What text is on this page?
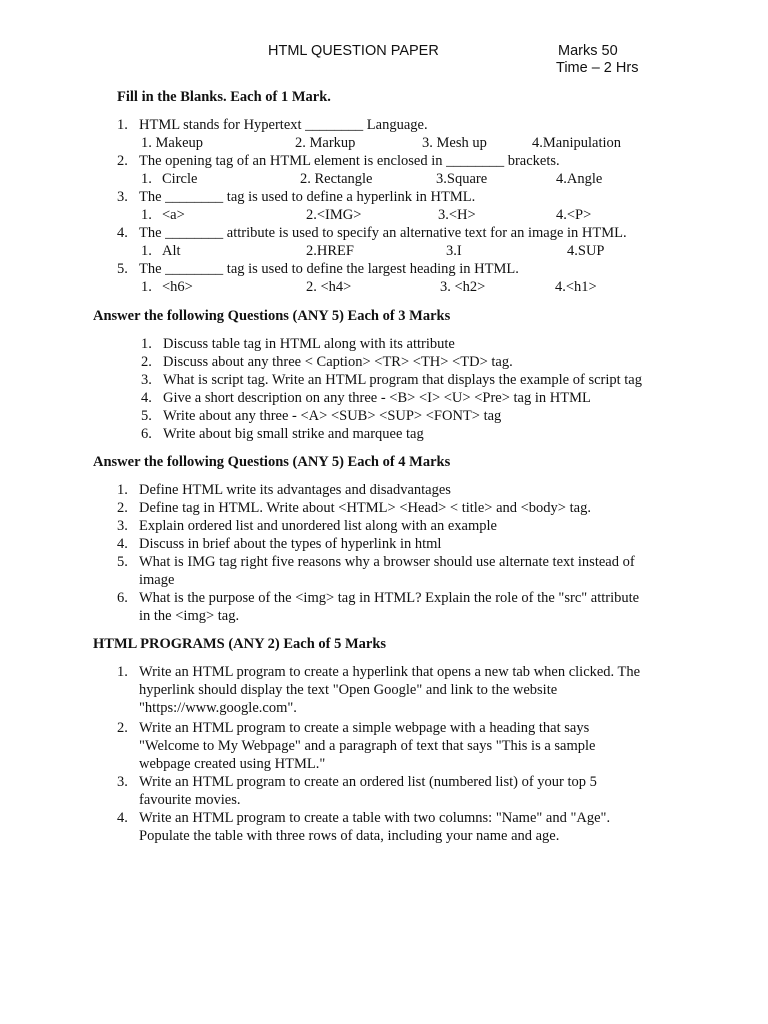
HTML QUESTION PAPER	Marks 50
Time – 2 Hrs
Fill in the Blanks. Each of 1 Mark.
1. HTML stands for Hypertext ________ Language.
1. Makeup	2. Markup	3. Mesh up	4.Manipulation
2. The opening tag of an HTML element is enclosed in ________ brackets.
1. Circle	2. Rectangle	3.Square	4.Angle
3. The ________ tag is used to define a hyperlink in HTML.
1. <a>	2.<IMG>	3.<H>	4.<P>
4. The ________ attribute is used to specify an alternative text for an image in HTML.
1. Alt	2.HREF	3.I	4.SUP
5. The ________ tag is used to define the largest heading in HTML.
1. <h6>	2. <h4>	3. <h2>	4.<h1>
Answer the following Questions (ANY 5) Each of 3 Marks
1. Discuss table tag in HTML along with its attribute
2. Discuss about any three < Caption> <TR> <TH> <TD> tag.
3. What is script tag. Write an HTML program that displays the example of script tag
4. Give a short description on any three - <B> <I> <U> <Pre> tag in HTML
5. Write about any three - <A> <SUB> <SUP> <FONT> tag
6. Write about big small strike and marquee tag
Answer the following Questions (ANY 5) Each of 4 Marks
1. Define HTML write its advantages and disadvantages
2. Define tag in HTML. Write about <HTML> <Head> < title> and <body> tag.
3. Explain ordered list and unordered list along with an example
4. Discuss in brief about the types of hyperlink in html
5. What is IMG tag right five reasons why a browser should use alternate text instead of
image
6. What is the purpose of the <img> tag in HTML? Explain the role of the "src" attribute
in the <img> tag.
HTML PROGRAMS (ANY 2) Each of 5 Marks
1. Write an HTML program to create a hyperlink that opens a new tab when clicked. The
hyperlink should display the text "Open Google" and link to the website
"https://www.google.com".
2. Write an HTML program to create a simple webpage with a heading that says
"Welcome to My Webpage" and a paragraph of text that says "This is a sample
webpage created using HTML."
3. Write an HTML program to create an ordered list (numbered list) of your top 5
favourite movies.
4. Write an HTML program to create a table with two columns: "Name" and "Age".
Populate the table with three rows of data, including your name and age.
